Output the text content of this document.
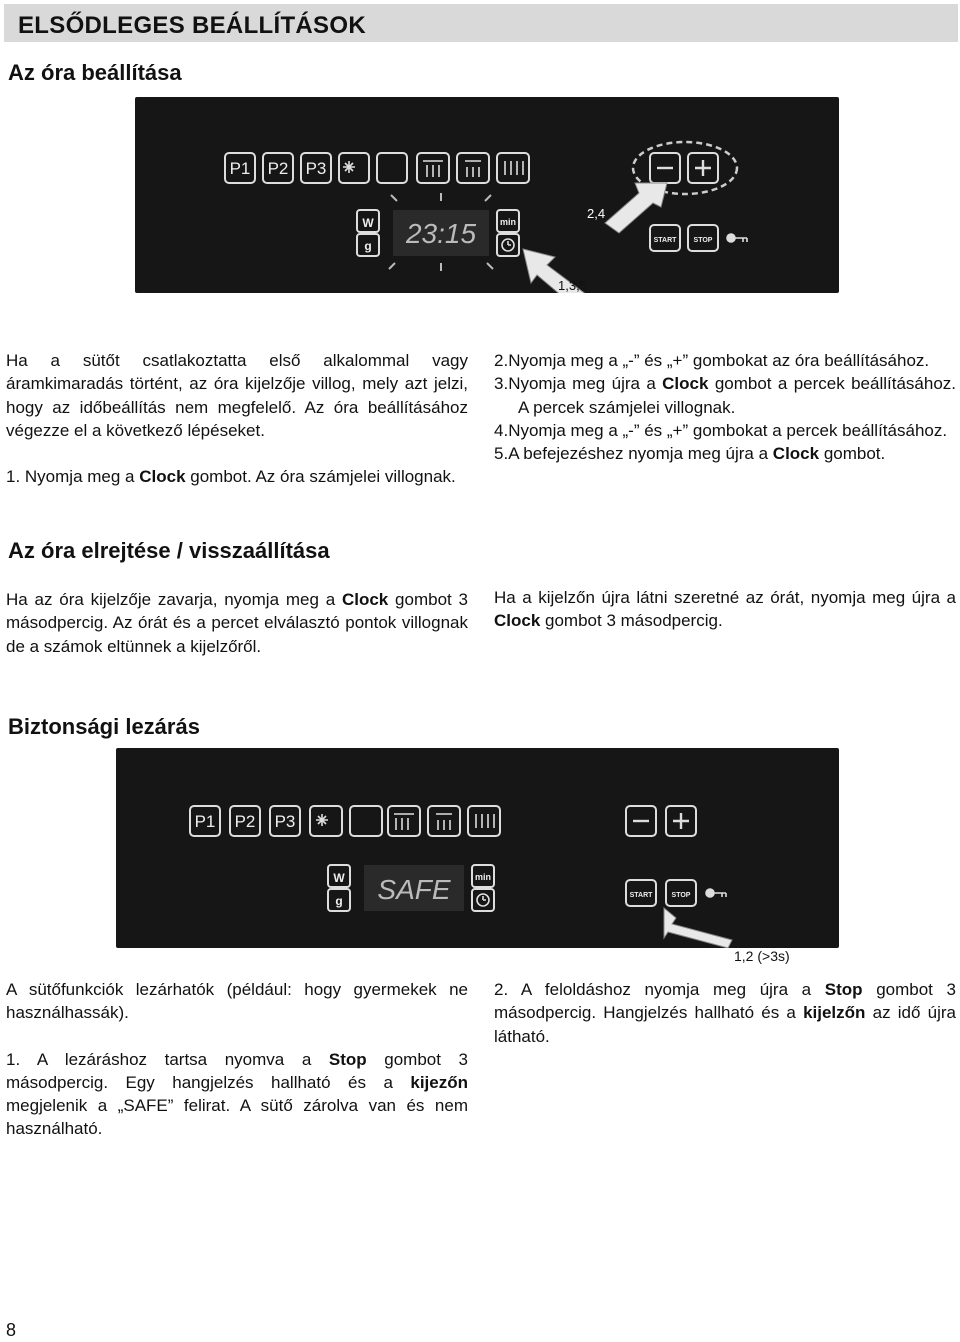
ELSŐDLEGES BEÁLLÍTÁSOK
Az óra beállítása
P1 P2 P3
W
g
min
START STOP
23:15
2,4
1,3,5
Ha a sütőt csatlakoztatta első alkalommal vagy áramkimaradás történt, az óra kijelzője villog, mely azt jelzi, hogy az időbeállítás nem megfelelő. Az óra beállításához végezze el a következő lépéseket.
1. Nyomja meg a Clock gombot. Az óra számjelei villognak.
2.Nyomja meg a „-” és „+” gombokat az óra beállításához.
3.Nyomja meg újra a Clock gombot a percek beállításához. A percek számjelei villognak.
4.Nyomja meg a „-” és „+” gombokat a percek beállításához.
5.A befejezéshez nyomja meg újra a Clock gombot.
Az óra elrejtése / visszaállítása
Ha az óra kijelzője zavarja, nyomja meg a Clock gombot 3 másodpercig. Az órát és a percet elválasztó pontok villognak de a számok eltünnek a kijelzőről.
Ha a kijelzőn újra látni szeretné az órát, nyomja meg újra a Clock gombot 3 másodpercig.
Biztonsági lezárás
P1 P2 P3
W
g
min
START	STOP
SAFE
1,2 (>3s)
A sütőfunkciók lezárhatók (például: hogy gyermekek ne használhassák).
1. A lezáráshoz tartsa nyomva a Stop gombot 3 másodpercig. Egy hangjelzés hallható és a kijezőn megjelenik a „SAFE” felirat. A sütő zárolva van és nem használható.
2. A feloldáshoz nyomja meg újra a Stop gombot 3 másodpercig. Hangjelzés hallható és a kijelzőn az idő újra látható.
8
